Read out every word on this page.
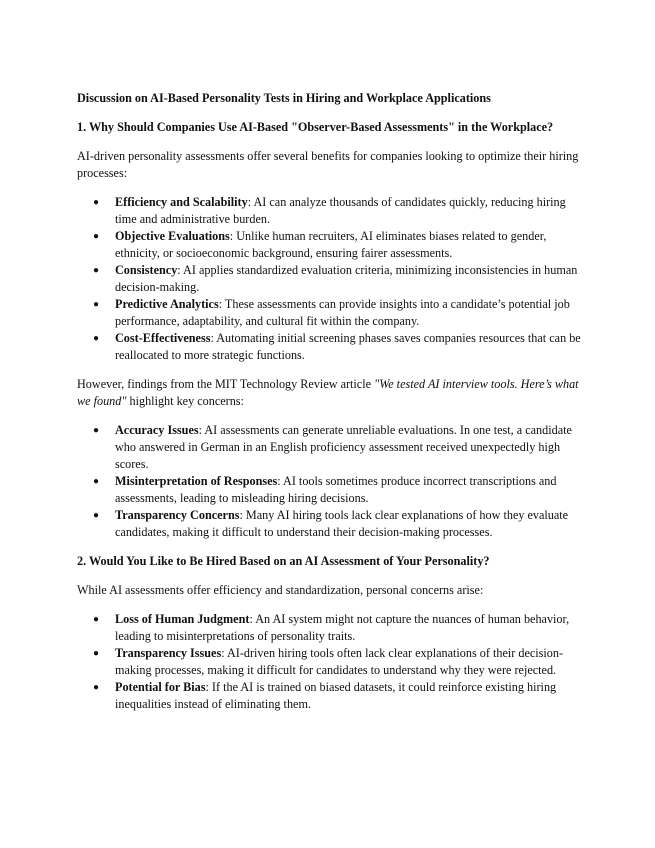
Discussion on AI-Based Personality Tests in Hiring and Workplace Applications
1. Why Should Companies Use AI-Based "Observer-Based Assessments" in the Workplace?

AI-driven personality assessments offer several benefits for companies looking to optimize their hiring processes:

● Efficiency and Scalability: AI can analyze thousands of candidates quickly, reducing hiring time and administrative burden.
● Objective Evaluations: Unlike human recruiters, AI eliminates biases related to gender, ethnicity, or socioeconomic background, ensuring fairer assessments.
● Consistency: AI applies standardized evaluation criteria, minimizing inconsistencies in human decision-making.
● Predictive Analytics: These assessments can provide insights into a candidate’s potential job performance, adaptability, and cultural fit within the company.
● Cost-Effectiveness: Automating initial screening phases saves companies resources that can be reallocated to more strategic functions.

However, findings from the MIT Technology Review article "We tested AI interview tools. Here’s what we found" highlight key concerns:

● Accuracy Issues: AI assessments can generate unreliable evaluations. In one test, a candidate who answered in German in an English proficiency assessment received unexpectedly high scores.
● Misinterpretation of Responses: AI tools sometimes produce incorrect transcriptions and assessments, leading to misleading hiring decisions.
● Transparency Concerns: Many AI hiring tools lack clear explanations of how they evaluate candidates, making it difficult to understand their decision-making processes.
2. Would You Like to Be Hired Based on an AI Assessment of Your Personality?

While AI assessments offer efficiency and standardization, personal concerns arise:

● Loss of Human Judgment: An AI system might not capture the nuances of human behavior, leading to misinterpretations of personality traits.
● Transparency Issues: AI-driven hiring tools often lack clear explanations of their decision-making processes, making it difficult for candidates to understand why they were rejected.
● Potential for Bias: If the AI is trained on biased datasets, it could reinforce existing hiring inequalities instead of eliminating them.
